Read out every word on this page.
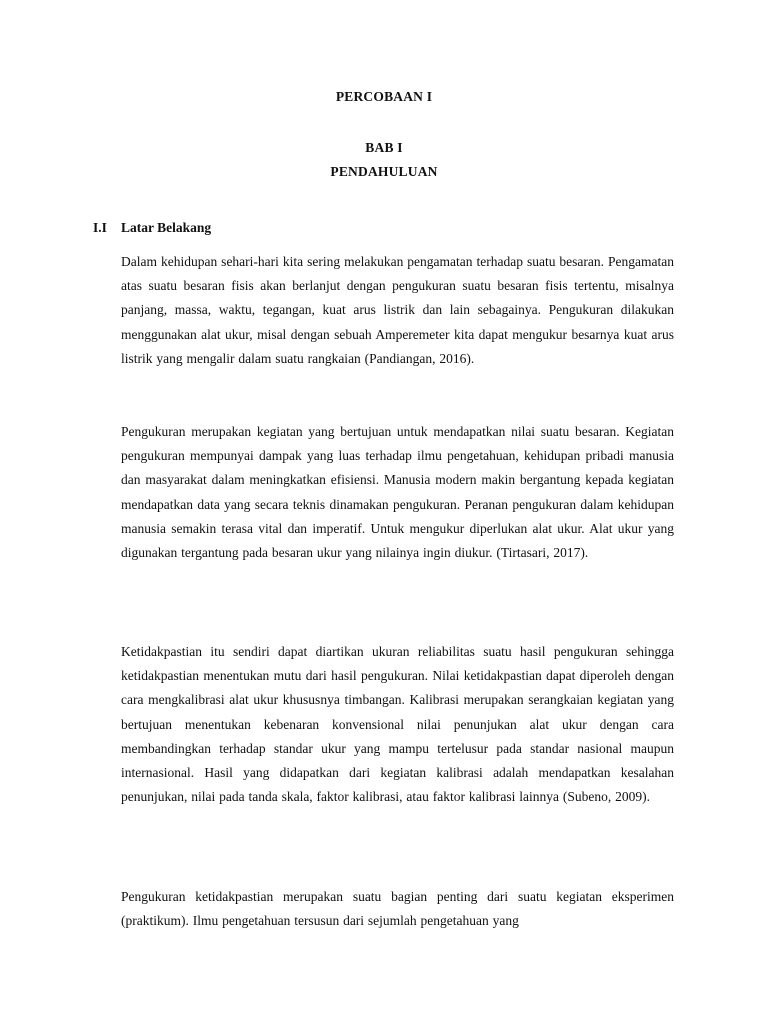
PERCOBAAN I
BAB I
PENDAHULUAN
I.I Latar Belakang

Dalam kehidupan sehari-hari kita sering melakukan pengamatan terhadap suatu besaran. Pengamatan atas suatu besaran fisis akan berlanjut dengan pengukuran suatu besaran fisis tertentu, misalnya panjang, massa, waktu, tegangan, kuat arus listrik dan lain sebagainya. Pengukuran dilakukan menggunakan alat ukur, misal dengan sebuah Amperemeter kita dapat mengukur besarnya kuat arus listrik yang mengalir dalam suatu rangkaian (Pandiangan, 2016).

Pengukuran merupakan kegiatan yang bertujuan untuk mendapatkan nilai suatu besaran. Kegiatan pengukuran mempunyai dampak yang luas terhadap ilmu pengetahuan, kehidupan pribadi manusia dan masyarakat dalam meningkatkan efisiensi. Manusia modern makin bergantung kepada kegiatan mendapatkan data yang secara teknis dinamakan pengukuran. Peranan pengukuran dalam kehidupan manusia semakin terasa vital dan imperatif. Untuk mengukur diperlukan alat ukur. Alat ukur yang digunakan tergantung pada besaran ukur yang nilainya ingin diukur. (Tirtasari, 2017).

Ketidakpastian itu sendiri dapat diartikan ukuran reliabilitas suatu hasil pengukuran sehingga ketidakpastian menentukan mutu dari hasil pengukuran. Nilai ketidakpastian dapat diperoleh dengan cara mengkalibrasi alat ukur khususnya timbangan. Kalibrasi merupakan serangkaian kegiatan yang bertujuan menentukan kebenaran konvensional nilai penunjukan alat ukur dengan cara membandingkan terhadap standar ukur yang mampu tertelusur pada standar nasional maupun internasional. Hasil yang didapatkan dari kegiatan kalibrasi adalah mendapatkan kesalahan penunjukan, nilai pada tanda skala, faktor kalibrasi, atau faktor kalibrasi lainnya (Subeno, 2009).

Pengukuran ketidakpastian merupakan suatu bagian penting dari suatu kegiatan eksperimen (praktikum). Ilmu pengetahuan tersusun dari sejumlah pengetahuan yang
